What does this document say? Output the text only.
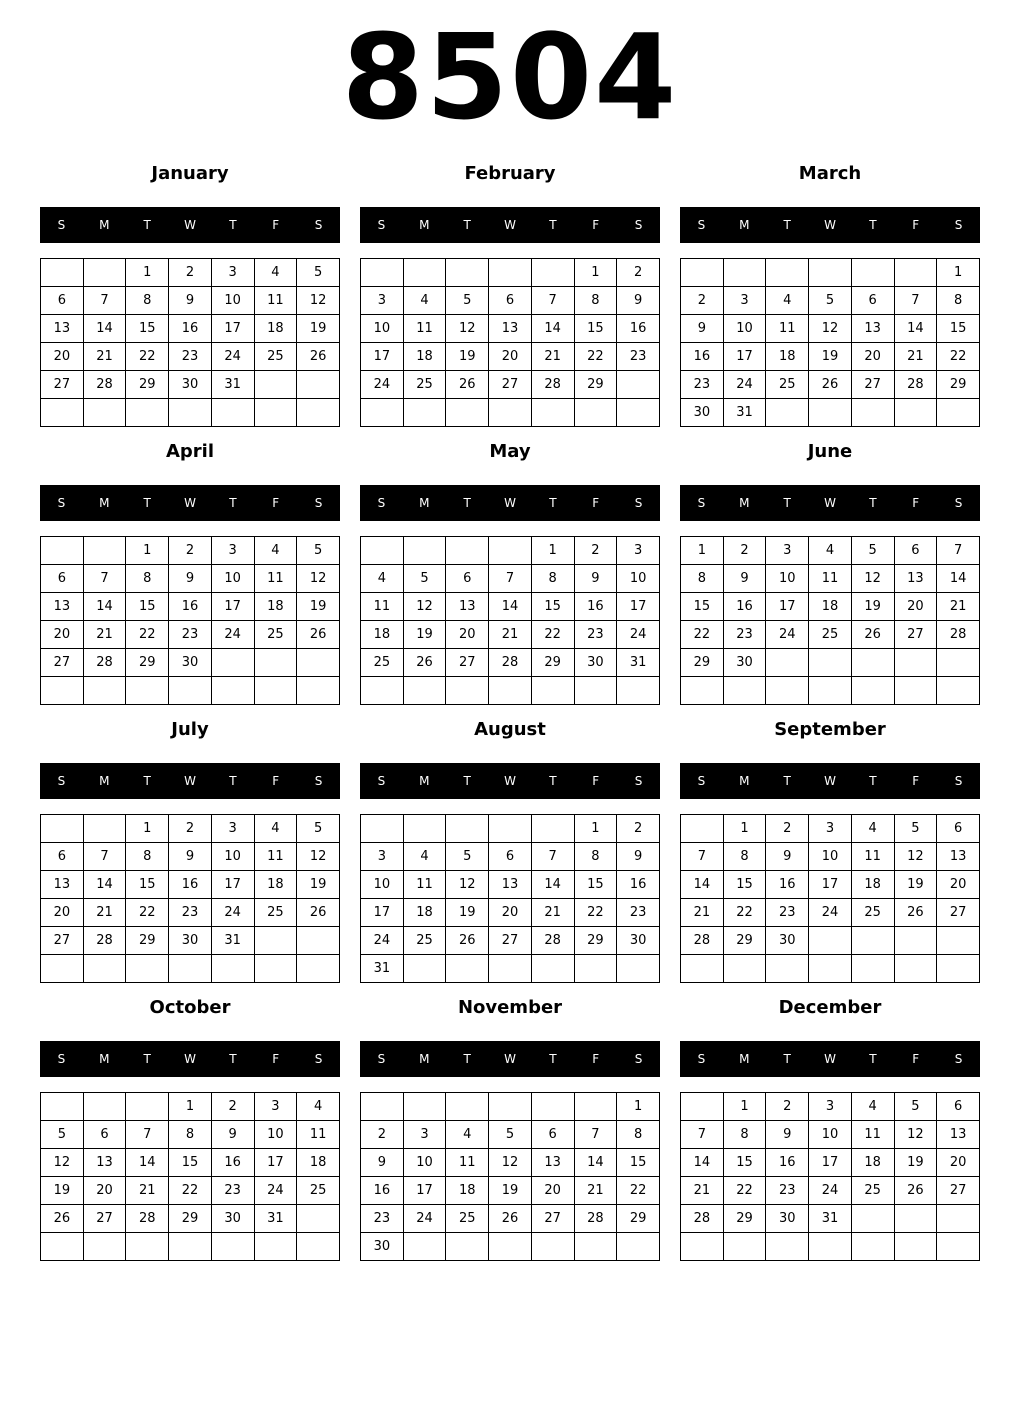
8504
January
S	M	T	W	T	F	S
		1	2	3	4	5
6	7	8	9	10	11	12
13	14	15	16	17	18	19
20	21	22	23	24	25	26
27	28	29	30	31		

February
S	M	T	W	T	F	S
					1	2
3	4	5	6	7	8	9
10	11	12	13	14	15	16
17	18	19	20	21	22	23
24	25	26	27	28	29	

March
S	M	T	W	T	F	S
						1
2	3	4	5	6	7	8
9	10	11	12	13	14	15
16	17	18	19	20	21	22
23	24	25	26	27	28	29
30	31					
April
S	M	T	W	T	F	S
		1	2	3	4	5
6	7	8	9	10	11	12
13	14	15	16	17	18	19
20	21	22	23	24	25	26
27	28	29	30			

May
S	M	T	W	T	F	S
				1	2	3
4	5	6	7	8	9	10
11	12	13	14	15	16	17
18	19	20	21	22	23	24
25	26	27	28	29	30	31

June
S	M	T	W	T	F	S
1	2	3	4	5	6	7
8	9	10	11	12	13	14
15	16	17	18	19	20	21
22	23	24	25	26	27	28
29	30					

July
S	M	T	W	T	F	S
		1	2	3	4	5
6	7	8	9	10	11	12
13	14	15	16	17	18	19
20	21	22	23	24	25	26
27	28	29	30	31		

August
S	M	T	W	T	F	S
					1	2
3	4	5	6	7	8	9
10	11	12	13	14	15	16
17	18	19	20	21	22	23
24	25	26	27	28	29	30
31						
September
S	M	T	W	T	F	S
	1	2	3	4	5	6
7	8	9	10	11	12	13
14	15	16	17	18	19	20
21	22	23	24	25	26	27
28	29	30				

October
S	M	T	W	T	F	S
			1	2	3	4
5	6	7	8	9	10	11
12	13	14	15	16	17	18
19	20	21	22	23	24	25
26	27	28	29	30	31	

November
S	M	T	W	T	F	S
						1
2	3	4	5	6	7	8
9	10	11	12	13	14	15
16	17	18	19	20	21	22
23	24	25	26	27	28	29
30						
December
S	M	T	W	T	F	S
	1	2	3	4	5	6
7	8	9	10	11	12	13
14	15	16	17	18	19	20
21	22	23	24	25	26	27
28	29	30	31			
